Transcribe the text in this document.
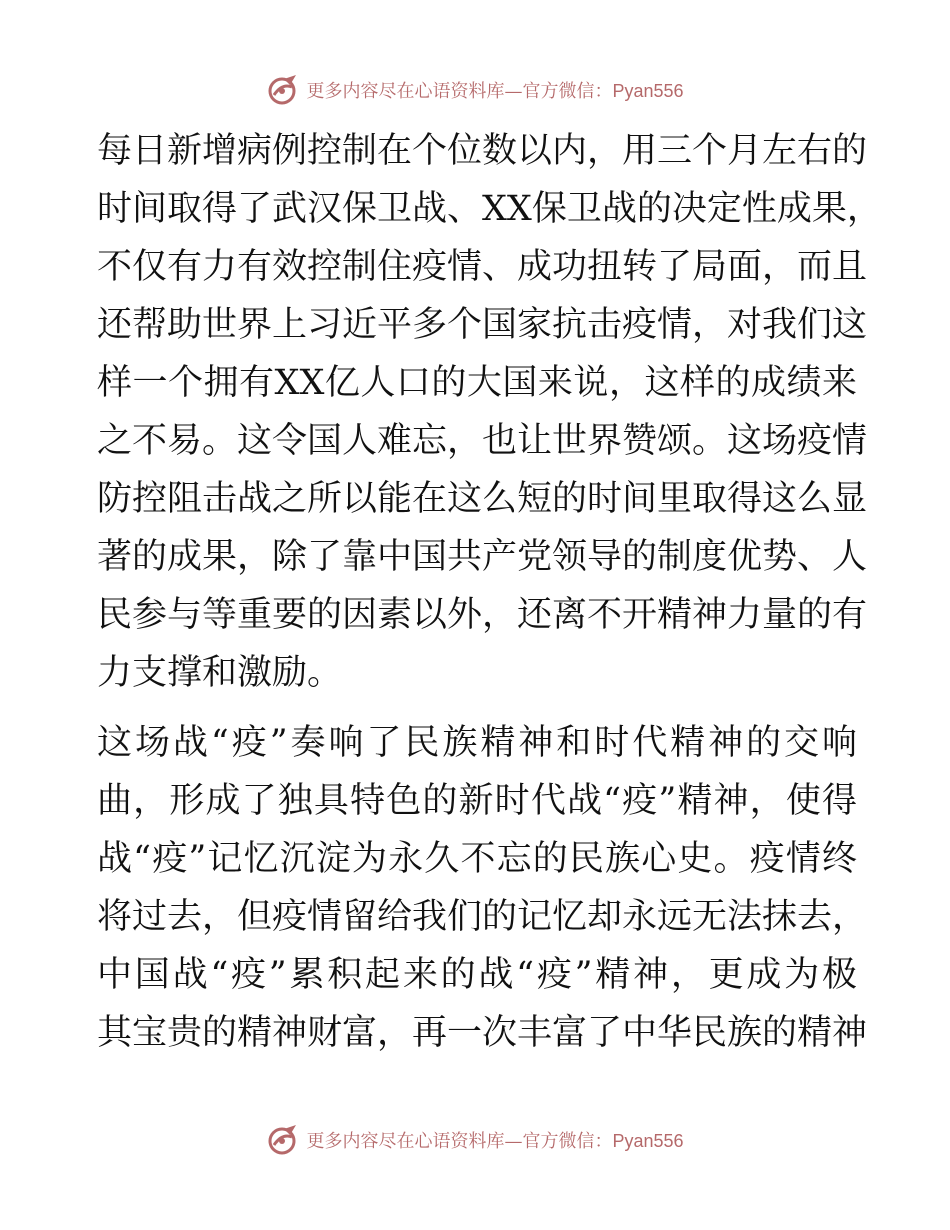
更多内容尽在心语资料库—官方微信：Pyan556
每日新增病例控制在个位数以内，用三个月左右的
时间取得了武汉保卫战、XX保卫战的决定性成果，
不仅有力有效控制住疫情、成功扭转了局面，而且
还帮助世界上习近平多个国家抗击疫情，对我们这
样一个拥有XX亿人口的大国来说，这样的成绩来
之不易。这令国人难忘，也让世界赞颂。这场疫情
防控阻击战之所以能在这么短的时间里取得这么显
著的成果，除了靠中国共产党领导的制度优势、人
民参与等重要的因素以外，还离不开精神力量的有
力支撑和激励。
这场战“疫”奏响了民族精神和时代精神的交响
曲，形成了独具特色的新时代战“疫”精神，使得
战“疫”记忆沉淀为永久不忘的民族心史。疫情终
将过去，但疫情留给我们的记忆却永远无法抹去，
中国战“疫”累积起来的战“疫”精神，更成为极
其宝贵的精神财富，再一次丰富了中华民族的精神
更多内容尽在心语资料库—官方微信：Pyan556
